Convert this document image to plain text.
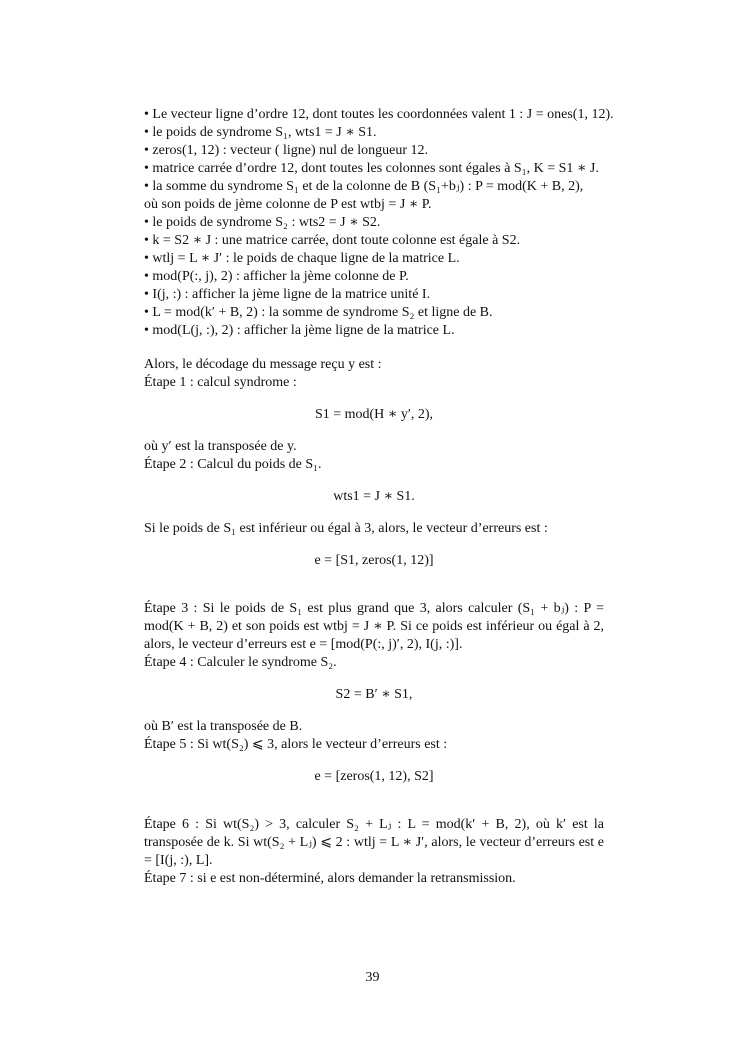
• Le vecteur ligne d’ordre 12, dont toutes les coordonnées valent 1 : J = ones(1, 12).
• le poids de syndrome S₁, wts1 = J ∗ S1.
• zeros(1, 12) : vecteur ( ligne) nul de longueur 12.
• matrice carrée d’ordre 12, dont toutes les colonnes sont égales à S₁, K = S1 ∗ J.
• la somme du syndrome S₁ et de la colonne de B (S₁+bⱼ) : P = mod(K + B, 2),
où son poids de jème colonne de P est wtbj = J ∗ P.
• le poids de syndrome S₂ : wts2 = J ∗ S2.
• k = S2 ∗ J : une matrice carrée, dont toute colonne est égale à S2.
• wtlj = L ∗ J′ : le poids de chaque ligne de la matrice L.
• mod(P(:, j), 2) : afficher la jème colonne de P.
• I(j, :) : afficher la jème ligne de la matrice unité I.
• L = mod(k′ + B, 2) : la somme de syndrome S₂ et ligne de B.
• mod(L(j, :), 2) : afficher la jème ligne de la matrice L.
Alors, le décodage du message reçu y est :
Étape 1 : calcul syndrome :
S1 = mod(H ∗ y′, 2),
où y′ est la transposée de y.
Étape 2 : Calcul du poids de S₁.
wts1 = J ∗ S1.
Si le poids de S₁ est inférieur ou égal à 3, alors, le vecteur d’erreurs est :
e = [S1, zeros(1, 12)]
Étape 3 : Si le poids de S₁ est plus grand que 3, alors calculer (S₁ + bⱼ) : P = mod(K + B, 2) et son poids est wtbj = J ∗ P. Si ce poids est inférieur ou égal à 2, alors, le vecteur d’erreurs est e = [mod(P(:, j)′, 2), I(j, :)].
Étape 4 : Calculer le syndrome S₂.
S2 = B′ ∗ S1,
où B′ est la transposée de B.
Étape 5 : Si wt(S₂) ⩽ 3, alors le vecteur d’erreurs est :
e = [zeros(1, 12), S2]
Étape 6 : Si wt(S₂) > 3, calculer S₂ + Lⱼ : L = mod(k′ + B, 2), où k′ est la transposée de k. Si wt(S₂ + Lⱼ) ⩽ 2 : wtlj = L ∗ J′, alors, le vecteur d’erreurs est e = [I(j, :), L].
Étape 7 : si e est non-déterminé, alors demander la retransmission.
39
